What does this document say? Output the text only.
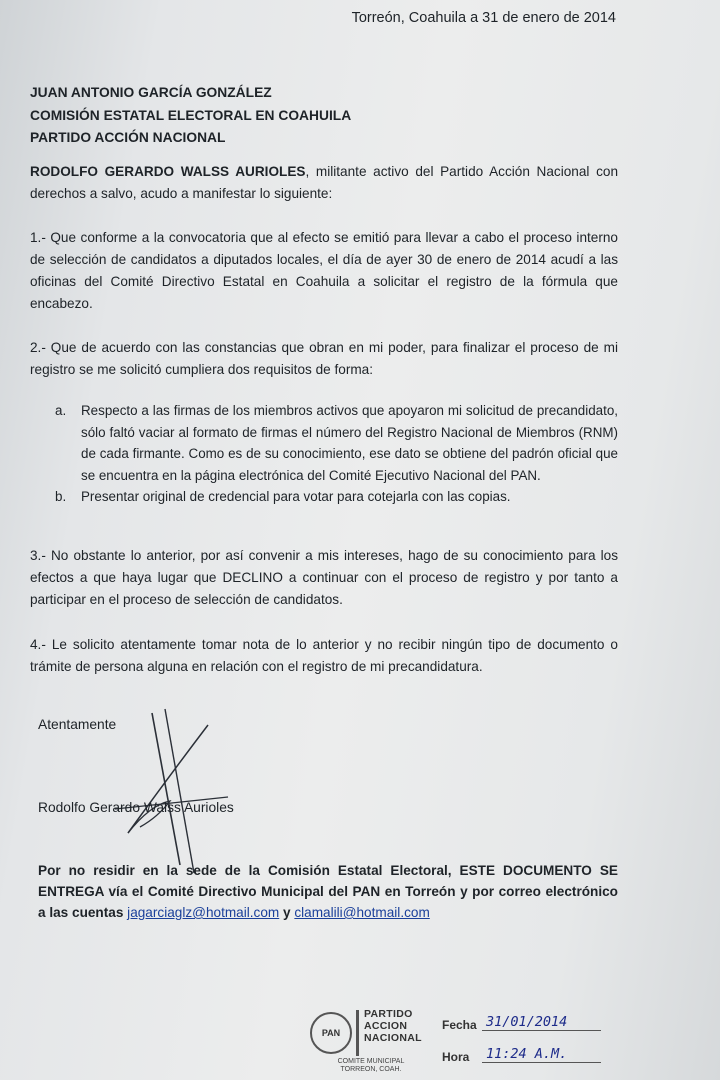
Torreón, Coahuila a 31 de enero de 2014
JUAN ANTONIO GARCÍA GONZÁLEZ
COMISIÓN ESTATAL ELECTORAL EN COAHUILA
PARTIDO ACCIÓN NACIONAL
RODOLFO GERARDO WALSS AURIOLES, militante activo del Partido Acción Nacional con derechos a salvo, acudo a manifestar lo siguiente:
1.- Que conforme a la convocatoria que al efecto se emitió para llevar a cabo el proceso interno de selección de candidatos a diputados locales, el día de ayer 30 de enero de 2014 acudí a las oficinas del Comité Directivo Estatal en Coahuila a solicitar el registro de la fórmula que encabezo.
2.- Que de acuerdo con las constancias que obran en mi poder, para finalizar el proceso de mi registro se me solicitó cumpliera dos requisitos de forma:
a.	Respecto a las firmas de los miembros activos que apoyaron mi solicitud de precandidato, sólo faltó vaciar al formato de firmas el número del Registro Nacional de Miembros (RNM) de cada firmante. Como es de su conocimiento, ese dato se obtiene del padrón oficial que se encuentra en la página electrónica del Comité Ejecutivo Nacional del PAN.
b.	Presentar original de credencial para votar para cotejarla con las copias.
3.- No obstante lo anterior, por así convenir a mis intereses, hago de su conocimiento para los efectos a que haya lugar que DECLINO a continuar con el proceso de registro y por tanto a participar en el proceso de selección de candidatos.
4.- Le solicito atentamente tomar nota de lo anterior y no recibir ningún tipo de documento o trámite de persona alguna en relación con el registro de mi precandidatura.
Atentamente
Rodolfo Gerardo Walss Aurioles
Por no residir en la sede de la Comisión Estatal Electoral, ESTE DOCUMENTO SE ENTREGA vía el Comité Directivo Municipal del PAN en Torreón y por correo electrónico a las cuentas jagarciaglz@hotmail.com y clamalili@hotmail.com
PAN
PARTIDO
ACCION
NACIONAL
COMITE MUNICIPAL
TORREON, COAH.
Fecha 31/01/2014
Hora 11:24 A.M.
